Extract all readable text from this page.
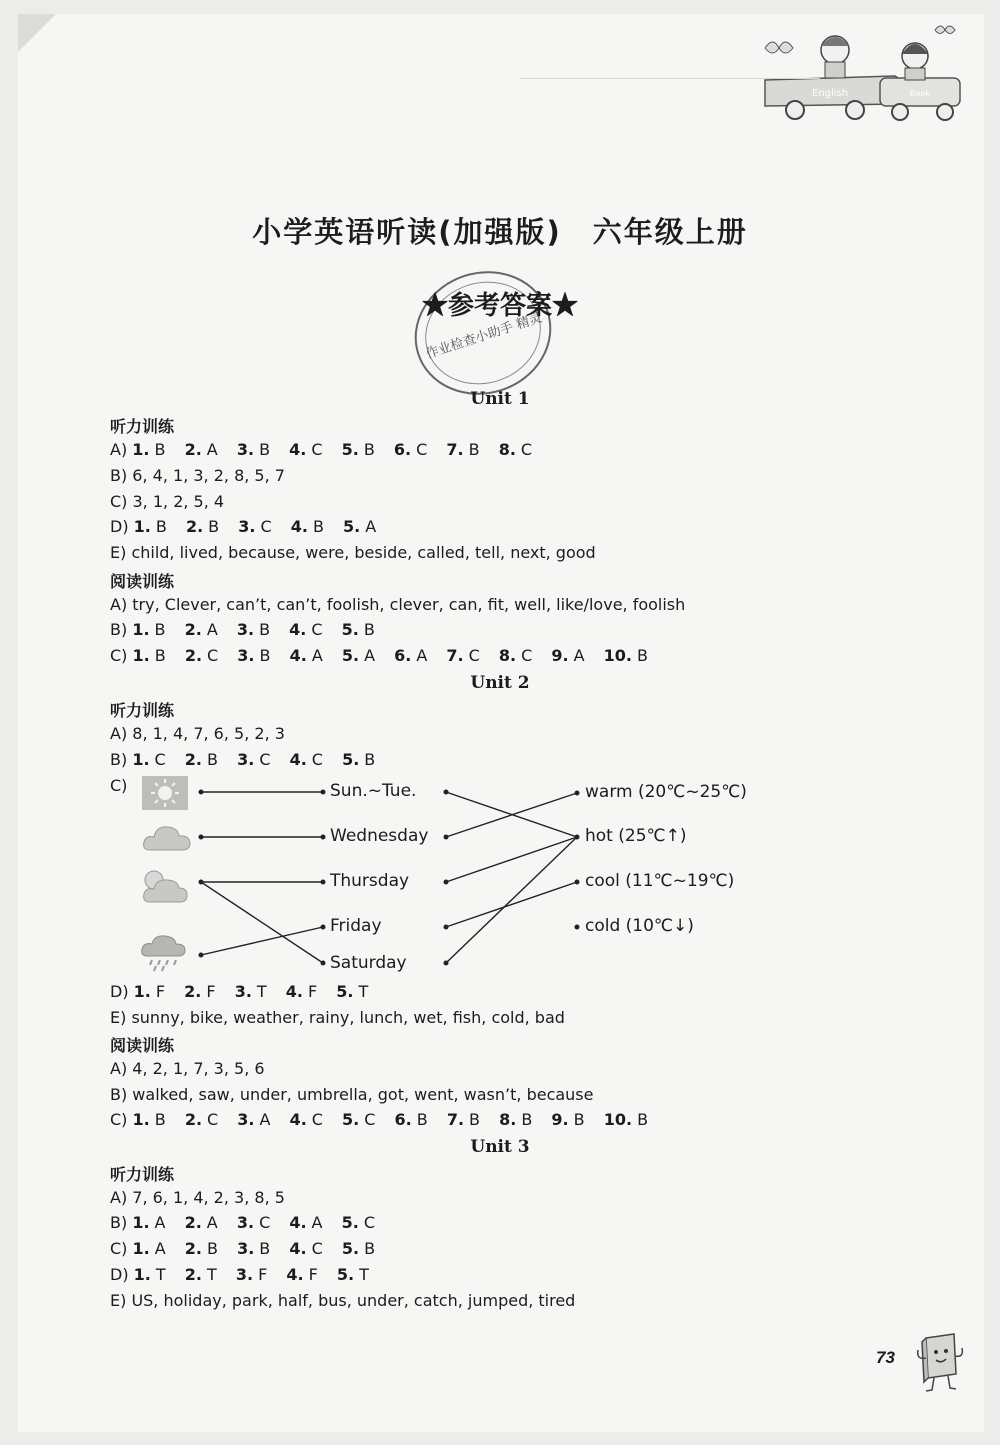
English	Book
小学英语听读(加强版)　六年级上册
作业检查小助手 精灵
★参考答案★
Unit 1
听力训练
A) 1. B 2. A 3. B 4. C 5. B 6. C 7. B 8. C
B) 6, 4, 1, 3, 2, 8, 5, 7
C) 3, 1, 2, 5, 4
D) 1. B 2. B 3. C 4. B 5. A
E) child, lived, because, were, beside, called, tell, next, good
阅读训练
A) try, Clever, can’t, can’t, foolish, clever, can, fit, well, like/love, foolish
B) 1. B 2. A 3. B 4. C 5. B
C) 1. B 2. C 3. B 4. A 5. A 6. A 7. C 8. C 9. A 10. B
Unit 2
听力训练
A) 8, 1, 4, 7, 6, 5, 2, 3
B) 1. C 2. B 3. C 4. C 5. B
C)	Sun.~Tue.
Wednesday
Thursday
Friday
Saturday
warm (20℃~25℃)
hot (25℃↑)
cool (11℃~19℃)
cold (10℃↓)
D) 1. F 2. F 3. T 4. F 5. T
E) sunny, bike, weather, rainy, lunch, wet, fish, cold, bad
阅读训练
A) 4, 2, 1, 7, 3, 5, 6
B) walked, saw, under, umbrella, got, went, wasn’t, because
C) 1. B 2. C 3. A 4. C 5. C 6. B 7. B 8. B 9. B 10. B
Unit 3
听力训练
A) 7, 6, 1, 4, 2, 3, 8, 5
B) 1. A 2. A 3. C 4. A 5. C
C) 1. A 2. B 3. B 4. C 5. B
D) 1. T 2. T 3. F 4. F 5. T
E) US, holiday, park, half, bus, under, catch, jumped, tired
73
